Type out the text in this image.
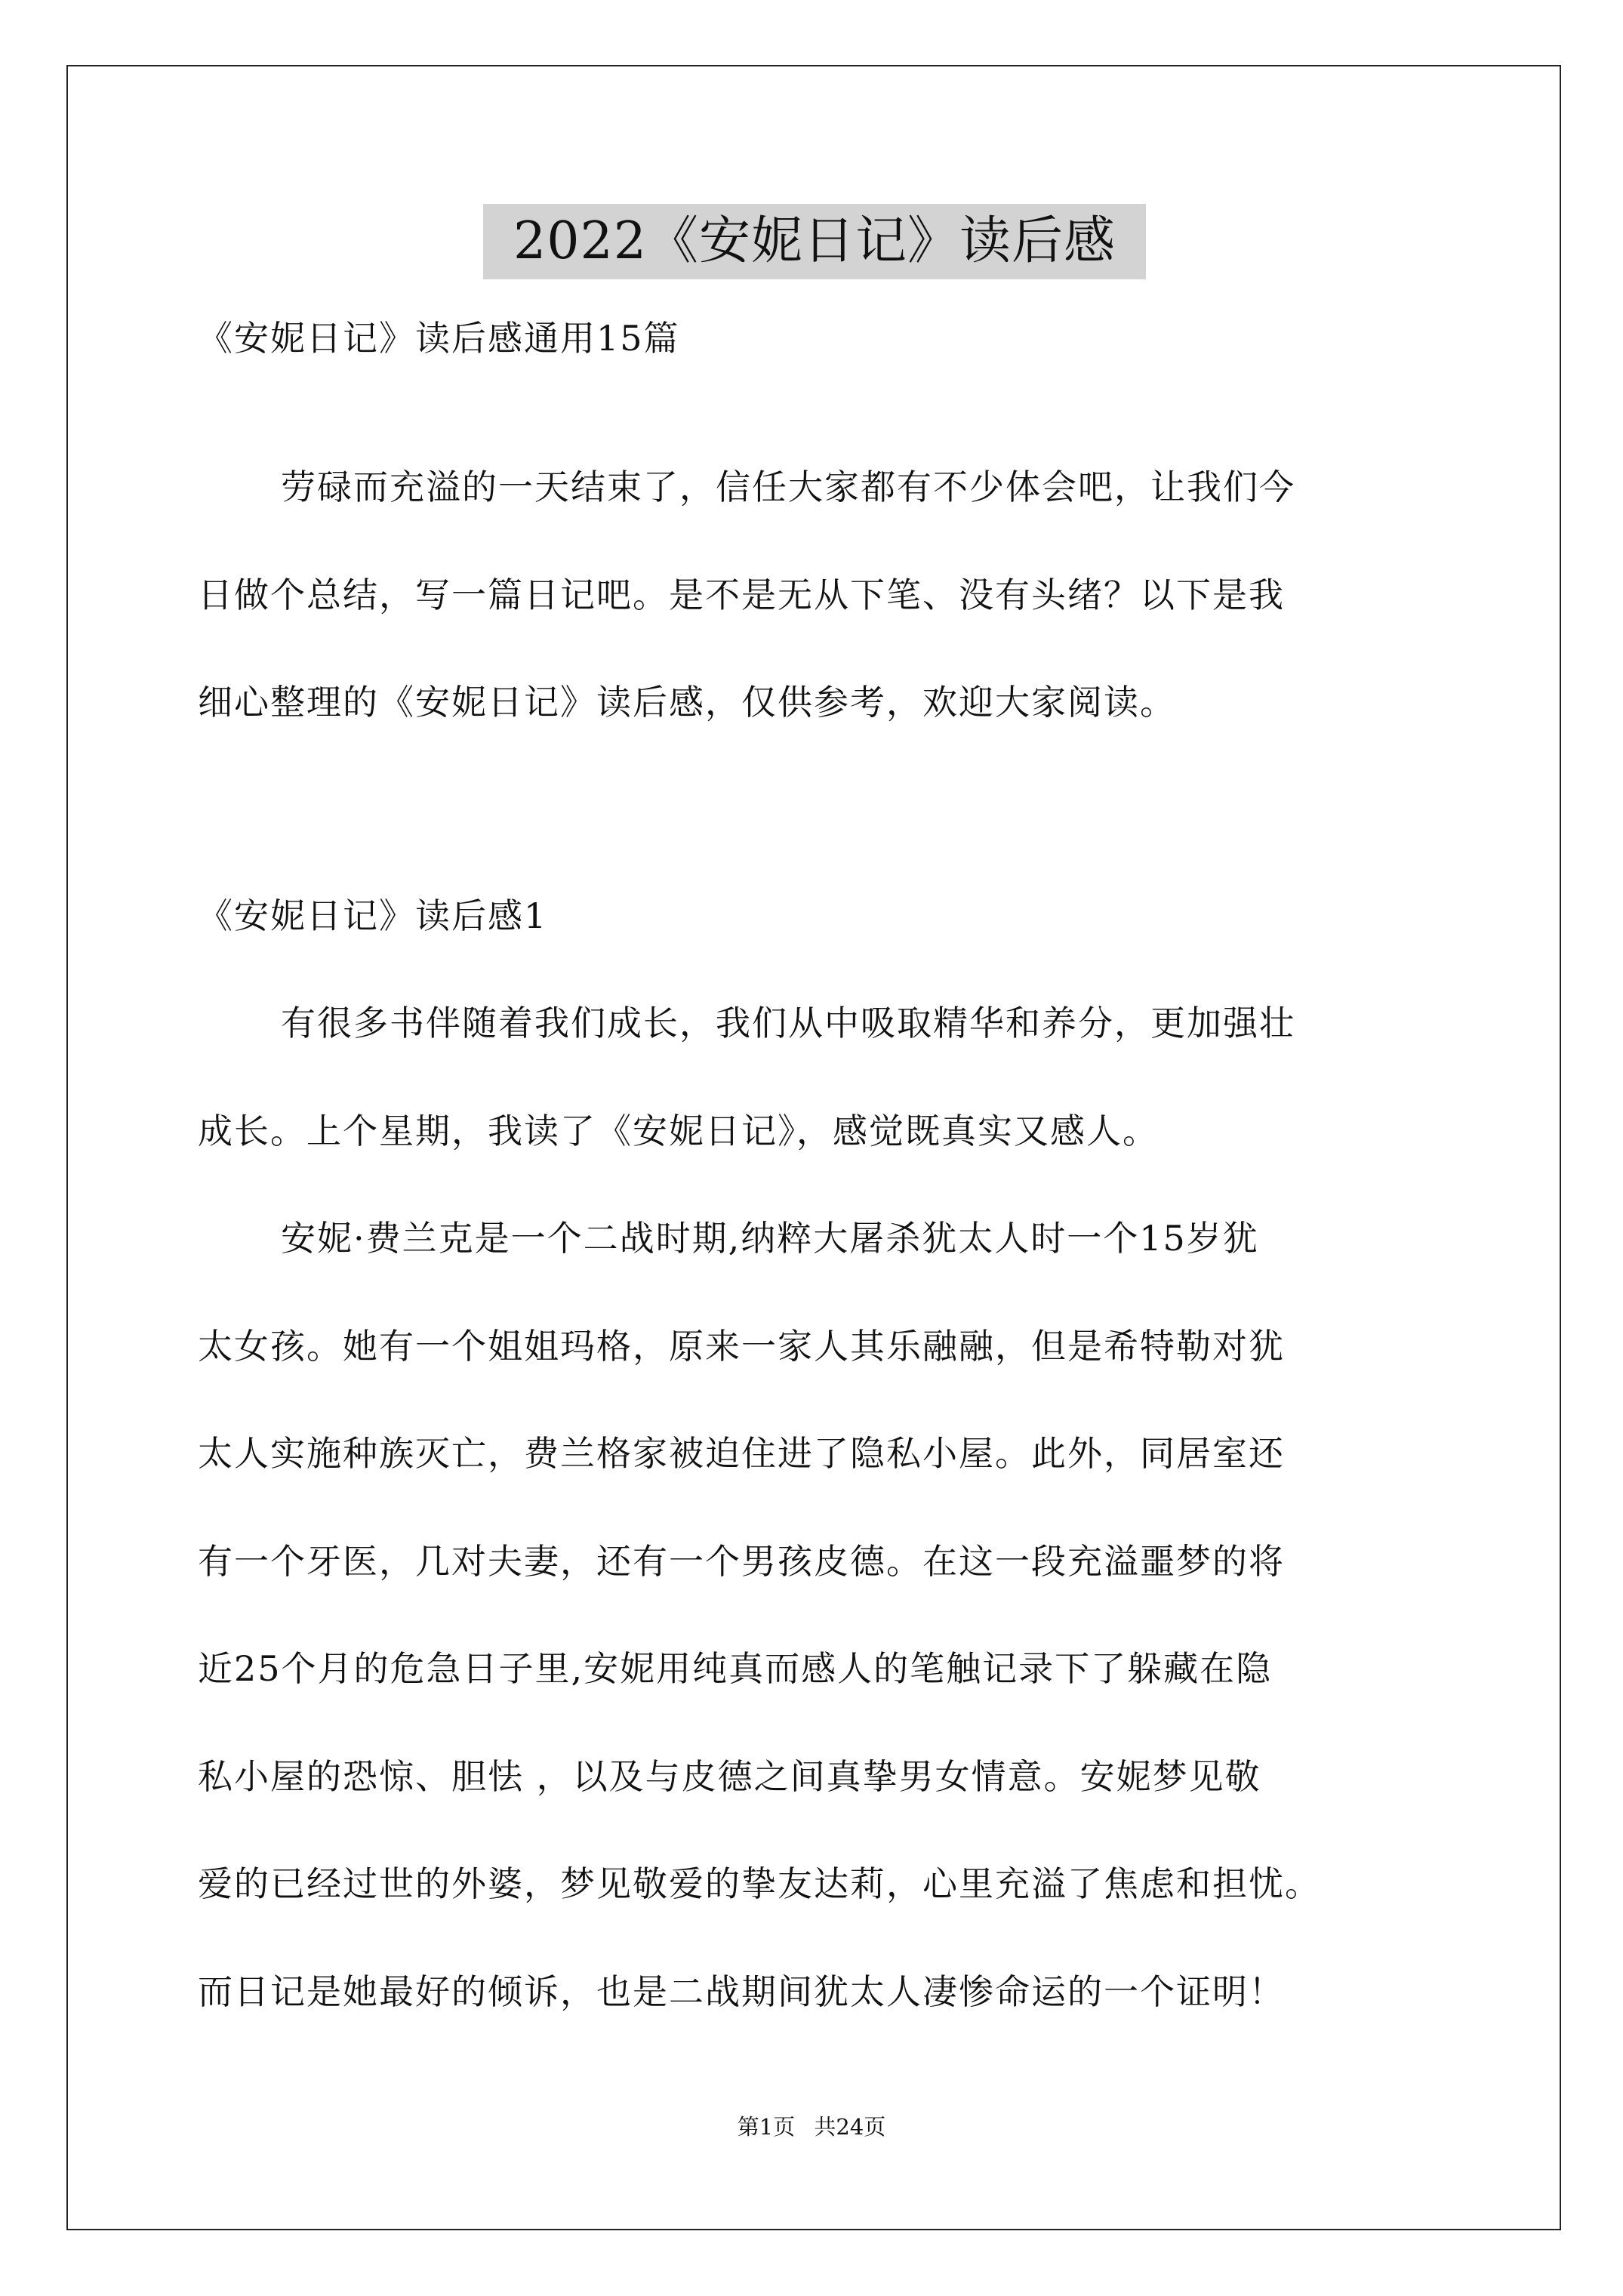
2022《安妮日记》读后感

《安妮日记》读后感通用15篇

劳碌而充溢的一天结束了，信任大家都有不少体会吧，让我们今

日做个总结，写一篇日记吧。是不是无从下笔、没有头绪？以下是我

细心整理的《安妮日记》读后感，仅供参考，欢迎大家阅读。

《安妮日记》读后感1

有很多书伴随着我们成长，我们从中吸取精华和养分，更加强壮

成长。上个星期，我读了《安妮日记》，感觉既真实又感人。

安妮·费兰克是一个二战时期,纳粹大屠杀犹太人时一个15岁犹

太女孩。她有一个姐姐玛格，原来一家人其乐融融，但是希特勒对犹

太人实施种族灭亡，费兰格家被迫住进了隐私小屋。此外，同居室还

有一个牙医，几对夫妻，还有一个男孩皮德。在这一段充溢噩梦的将

近25个月的危急日子里,安妮用纯真而感人的笔触记录下了躲藏在隐

私小屋的恐惊、胆怯 ，以及与皮德之间真挚男女情意。安妮梦见敬

爱的已经过世的外婆，梦见敬爱的挚友达莉，心里充溢了焦虑和担忧。

而日记是她最好的倾诉，也是二战期间犹太人凄惨命运的一个证明！

第1页 共24页
